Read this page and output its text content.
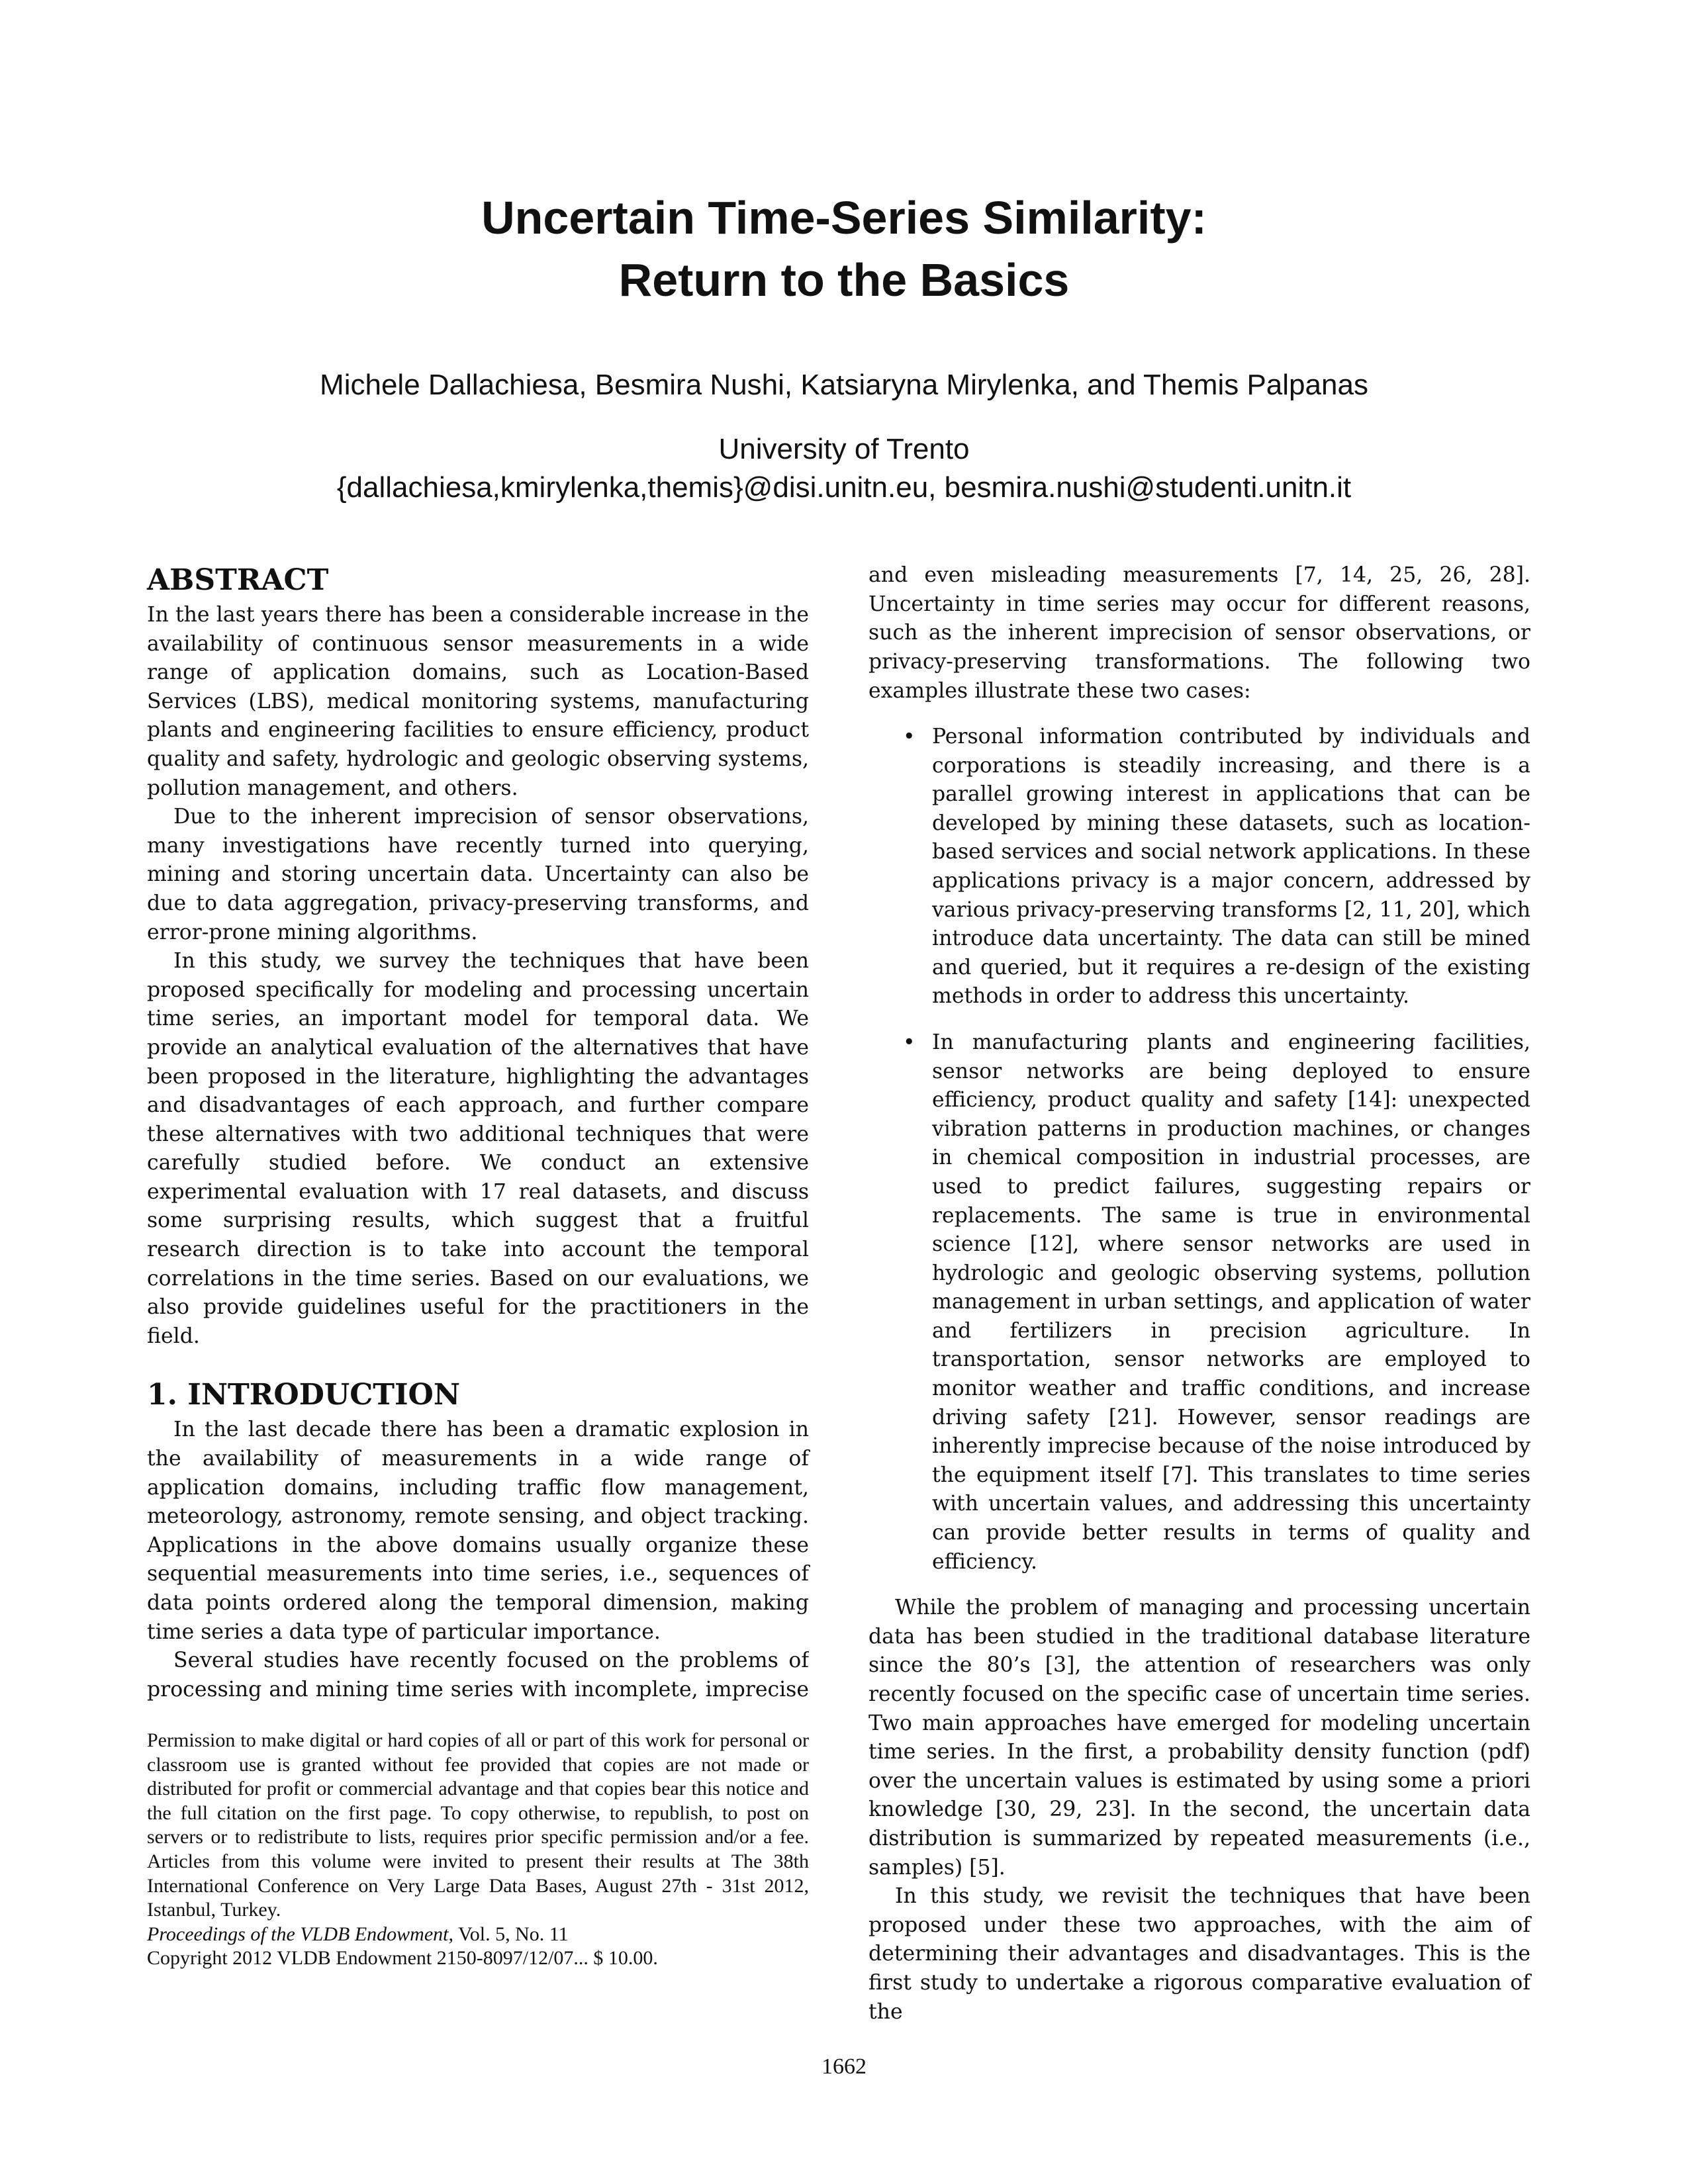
Uncertain Time-Series Similarity:
Return to the Basics
Michele Dallachiesa, Besmira Nushi, Katsiaryna Mirylenka, and Themis Palpanas
University of Trento
{dallachiesa,kmirylenka,themis}@disi.unitn.eu, besmira.nushi@studenti.unitn.it
ABSTRACT

In the last years there has been a considerable increase in the availability of continuous sensor measurements in a wide range of application domains, such as Location-Based Services (LBS), medical monitoring systems, manufacturing plants and engineering facilities to ensure efficiency, product quality and safety, hydrologic and geologic observing systems, pollution management, and others.

Due to the inherent imprecision of sensor observations, many investigations have recently turned into querying, mining and storing uncertain data. Uncertainty can also be due to data aggregation, privacy-preserving transforms, and error-prone mining algorithms.

In this study, we survey the techniques that have been proposed specifically for modeling and processing uncertain time series, an important model for temporal data. We provide an analytical evaluation of the alternatives that have been proposed in the literature, highlighting the advantages and disadvantages of each approach, and further compare these alternatives with two additional techniques that were carefully studied before. We conduct an extensive experimental evaluation with 17 real datasets, and discuss some surprising results, which suggest that a fruitful research direction is to take into account the temporal correlations in the time series. Based on our evaluations, we also provide guidelines useful for the practitioners in the field.

1. INTRODUCTION

In the last decade there has been a dramatic explosion in the availability of measurements in a wide range of application domains, including traffic flow management, meteorology, astronomy, remote sensing, and object tracking. Applications in the above domains usually organize these sequential measurements into time series, i.e., sequences of data points ordered along the temporal dimension, making time series a data type of particular importance.

Several studies have recently focused on the problems of processing and mining time series with incomplete, imprecise

Permission to make digital or hard copies of all or part of this work for personal or classroom use is granted without fee provided that copies are not made or distributed for profit or commercial advantage and that copies bear this notice and the full citation on the first page. To copy otherwise, to republish, to post on servers or to redistribute to lists, requires prior specific permission and/or a fee. Articles from this volume were invited to present their results at The 38th International Conference on Very Large Data Bases, August 27th - 31st 2012, Istanbul, Turkey.
Proceedings of the VLDB Endowment, Vol. 5, No. 11
Copyright 2012 VLDB Endowment 2150-8097/12/07... $ 10.00.

and even misleading measurements [7, 14, 25, 26, 28]. Uncertainty in time series may occur for different reasons, such as the inherent imprecision of sensor observations, or privacy-preserving transformations. The following two examples illustrate these two cases:

• Personal information contributed by individuals and corporations is steadily increasing, and there is a parallel growing interest in applications that can be developed by mining these datasets, such as location-based services and social network applications. In these applications privacy is a major concern, addressed by various privacy-preserving transforms [2, 11, 20], which introduce data uncertainty. The data can still be mined and queried, but it requires a re-design of the existing methods in order to address this uncertainty.
• In manufacturing plants and engineering facilities, sensor networks are being deployed to ensure efficiency, product quality and safety [14]: unexpected vibration patterns in production machines, or changes in chemical composition in industrial processes, are used to predict failures, suggesting repairs or replacements. The same is true in environmental science [12], where sensor networks are used in hydrologic and geologic observing systems, pollution management in urban settings, and application of water and fertilizers in precision agriculture. In transportation, sensor networks are employed to monitor weather and traffic conditions, and increase driving safety [21]. However, sensor readings are inherently imprecise because of the noise introduced by the equipment itself [7]. This translates to time series with uncertain values, and addressing this uncertainty can provide better results in terms of quality and efficiency.

While the problem of managing and processing uncertain data has been studied in the traditional database literature since the 80’s [3], the attention of researchers was only recently focused on the specific case of uncertain time series. Two main approaches have emerged for modeling uncertain time series. In the first, a probability density function (pdf) over the uncertain values is estimated by using some a priori knowledge [30, 29, 23]. In the second, the uncertain data distribution is summarized by repeated measurements (i.e., samples) [5].

In this study, we revisit the techniques that have been proposed under these two approaches, with the aim of determining their advantages and disadvantages. This is the first study to undertake a rigorous comparative evaluation of the

1662
